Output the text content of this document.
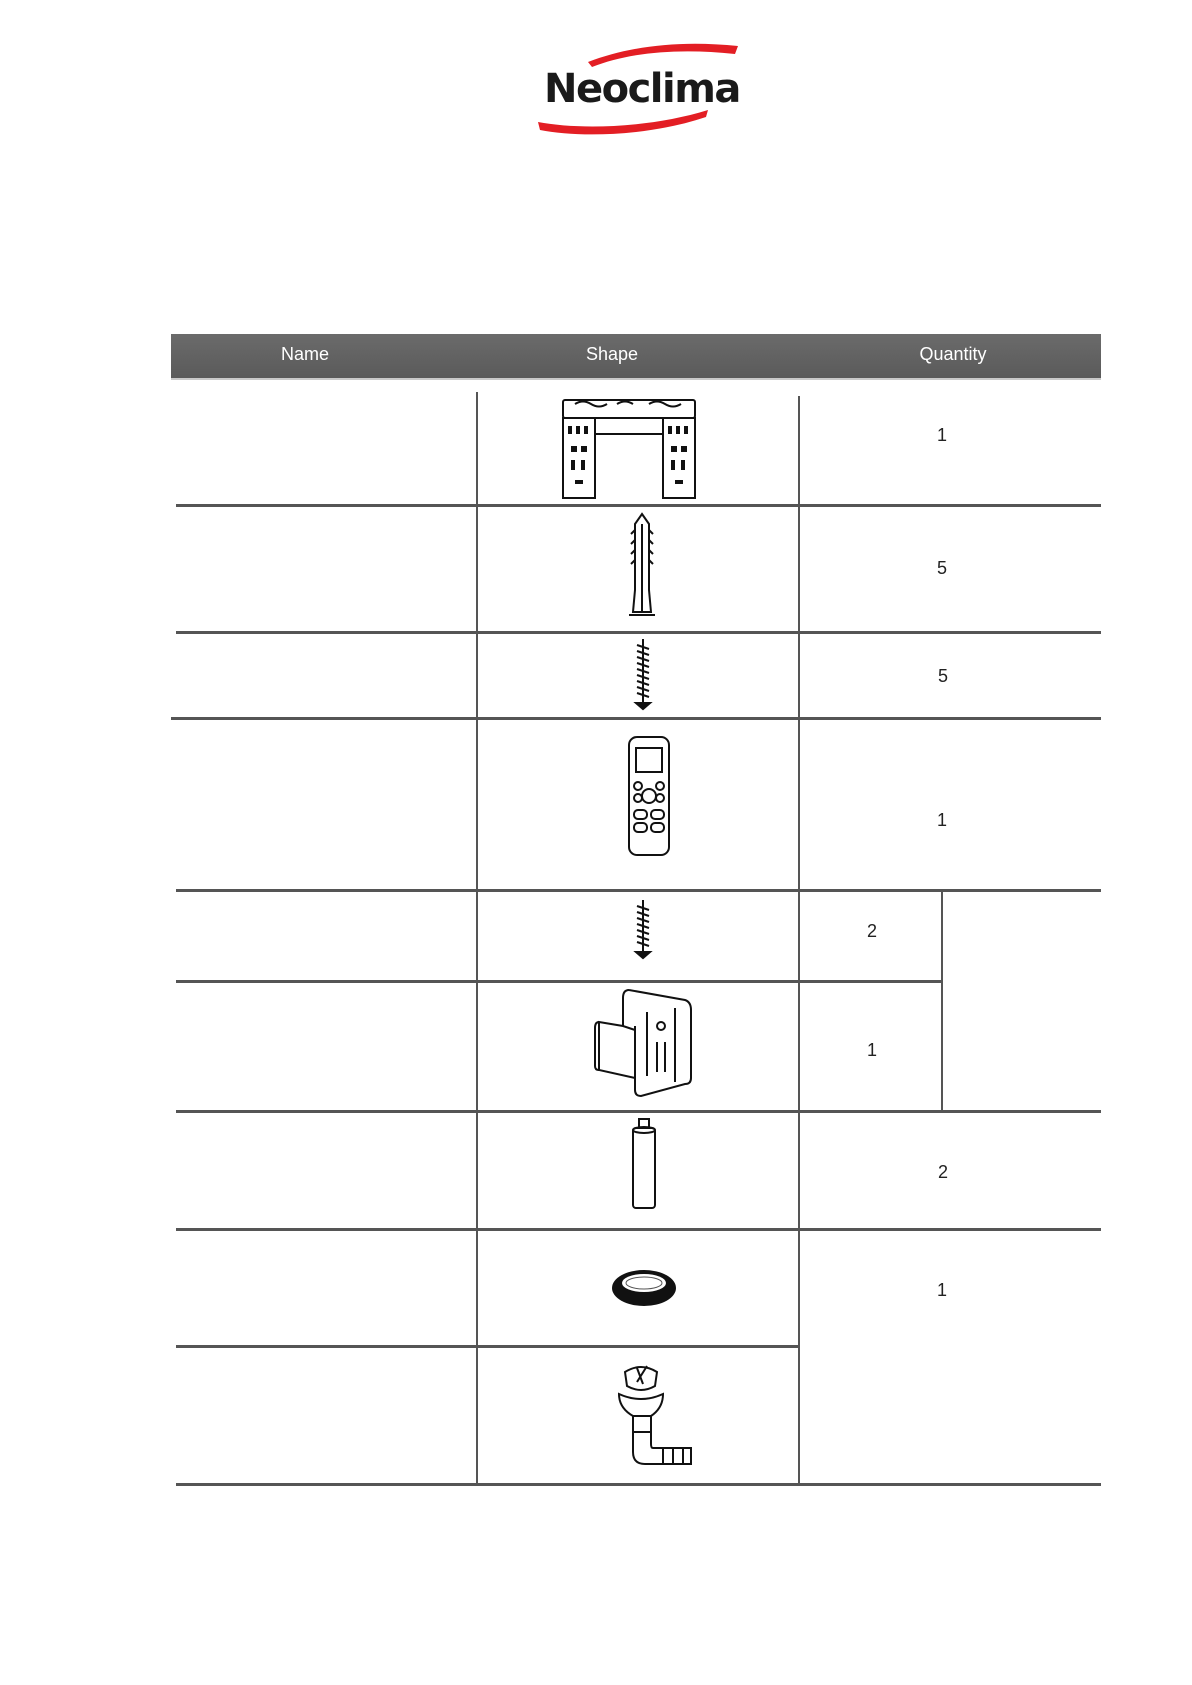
Neoclima
Name	Shape	Quantity
1
5
5
1
2
1
2
1
